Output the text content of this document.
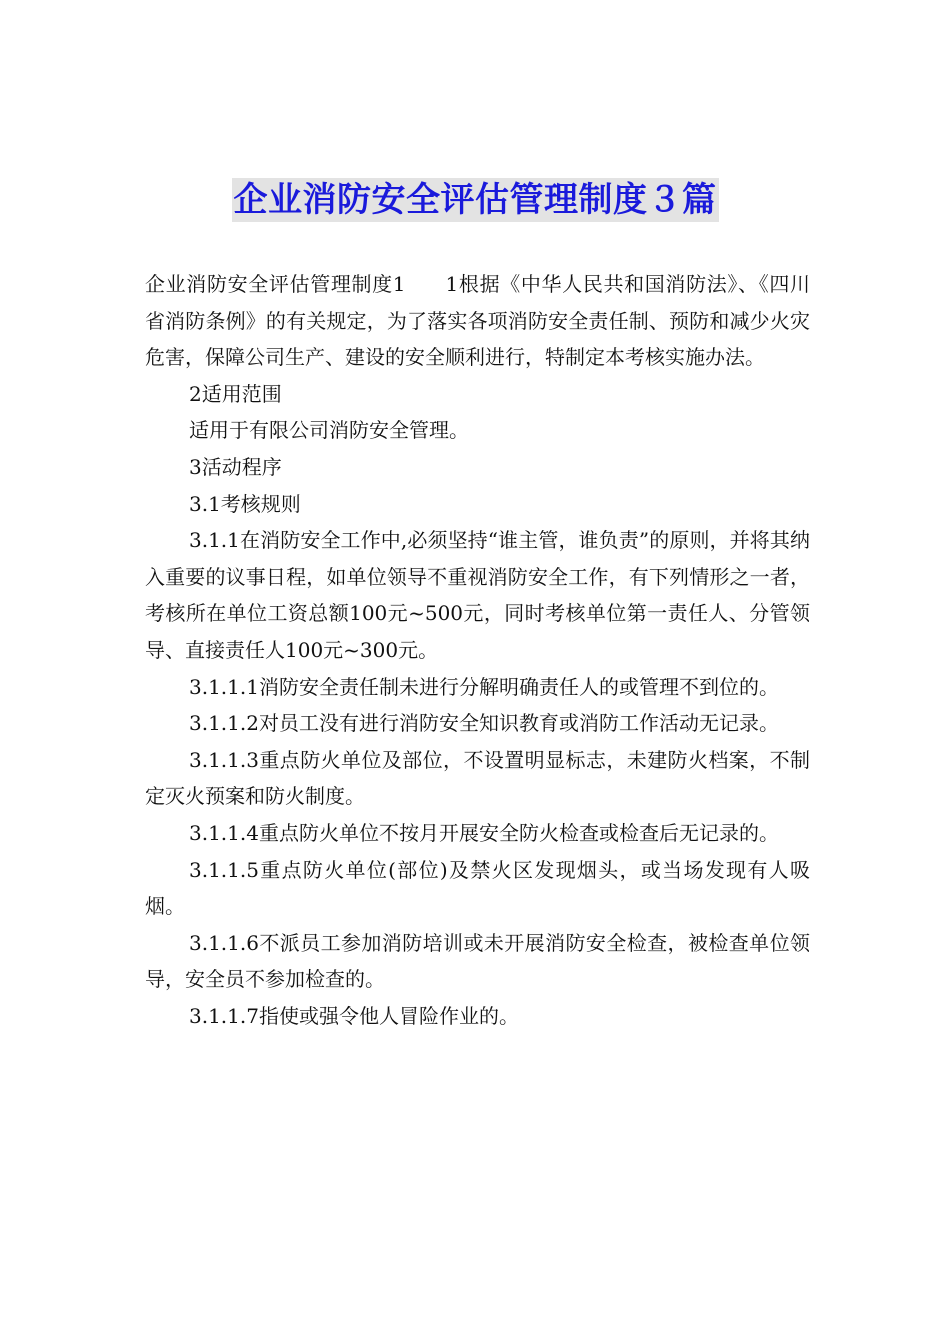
企业消防安全评估管理制度３篇

企业消防安全评估管理制度1 1根据《中华人民共和国消防法》、《四川省消防条例》的有关规定，为了落实各项消防安全责任制、预防和减少火灾危害，保障公司生产、建设的安全顺利进行，特制定本考核实施办法。

2适用范围

适用于有限公司消防安全管理。

3活动程序

3.1考核规则

3.1.1在消防安全工作中,必须坚持“谁主管，谁负责”的原则，并将其纳入重要的议事日程，如单位领导不重视消防安全工作，有下列情形之一者，考核所在单位工资总额100元~500元，同时考核单位第一责任人、分管领导、直接责任人100元~300元。

3.1.1.1消防安全责任制未进行分解明确责任人的或管理不到位的。

3.1.1.2对员工没有进行消防安全知识教育或消防工作活动无记录。

3.1.1.3重点防火单位及部位，不设置明显标志，未建防火档案，不制定灭火预案和防火制度。

3.1.1.4重点防火单位不按月开展安全防火检查或检查后无记录的。

3.1.1.5重点防火单位(部位)及禁火区发现烟头，或当场发现有人吸烟。

3.1.1.6不派员工参加消防培训或未开展消防安全检查，被检查单位领导，安全员不参加检查的。

3.1.1.7指使或强令他人冒险作业的。
